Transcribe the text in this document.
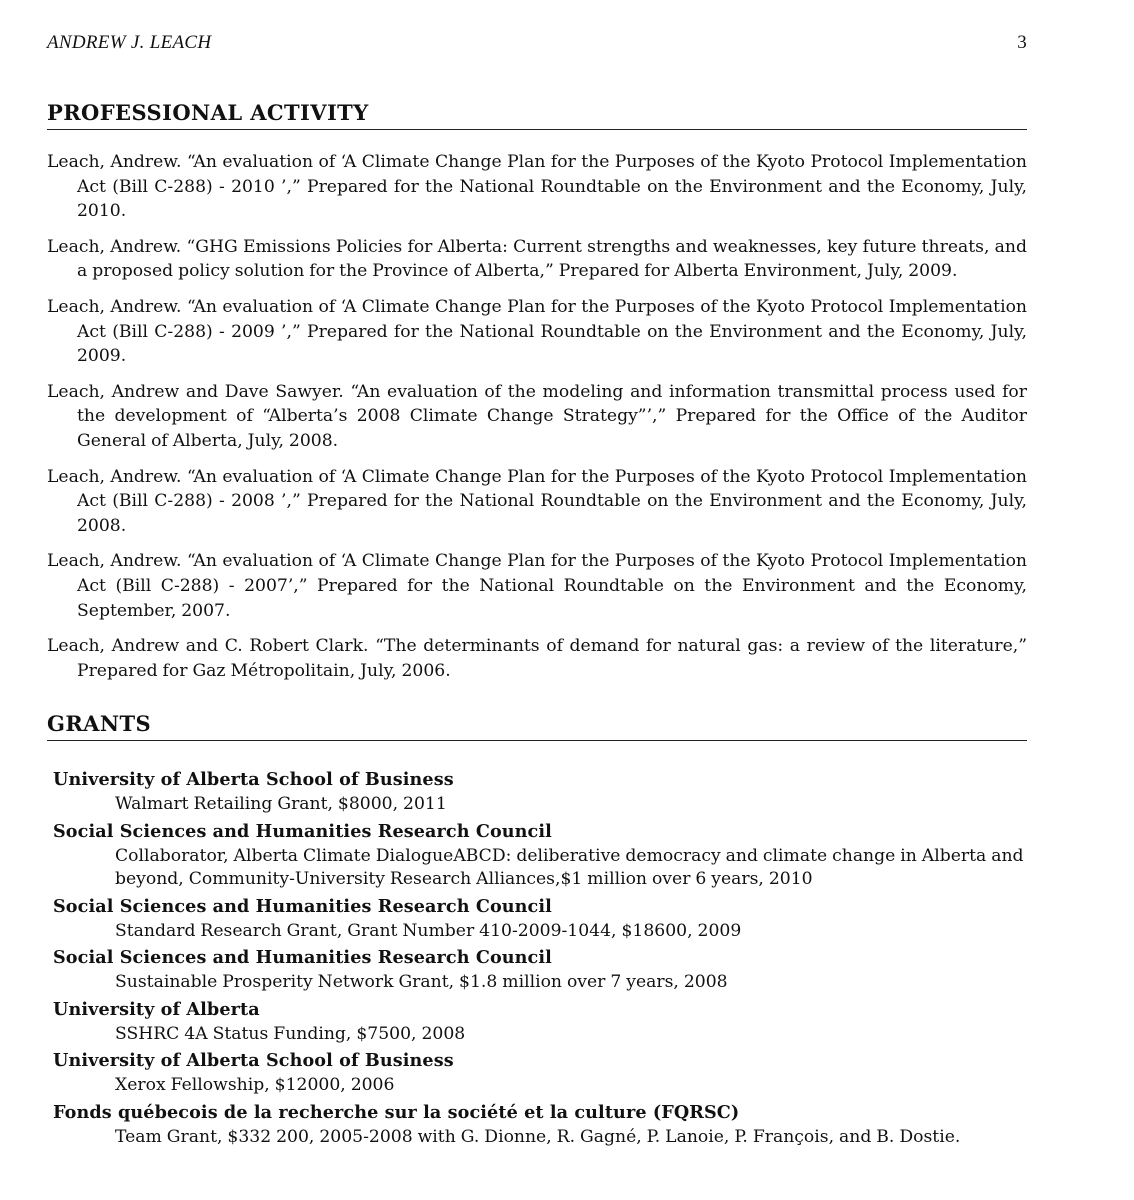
ANDREW J. LEACH	3
PROFESSIONAL ACTIVITY
Leach, Andrew. “An evaluation of ‘A Climate Change Plan for the Purposes of the Kyoto Protocol Implementation Act (Bill C-288) - 2010 ’,” Prepared for the National Roundtable on the Environment and the Economy, July, 2010.
Leach, Andrew. “GHG Emissions Policies for Alberta: Current strengths and weaknesses, key future threats, and a proposed policy solution for the Province of Alberta,” Prepared for Alberta Environment, July, 2009.
Leach, Andrew. “An evaluation of ‘A Climate Change Plan for the Purposes of the Kyoto Protocol Implementation Act (Bill C-288) - 2009 ’,” Prepared for the National Roundtable on the Environment and the Economy, July, 2009.
Leach, Andrew and Dave Sawyer. “An evaluation of the modeling and information transmittal process used for the development of “Alberta’s 2008 Climate Change Strategy”’,” Prepared for the Office of the Auditor General of Alberta, July, 2008.
Leach, Andrew. “An evaluation of ‘A Climate Change Plan for the Purposes of the Kyoto Protocol Implementation Act (Bill C-288) - 2008 ’,” Prepared for the National Roundtable on the Environment and the Economy, July, 2008.
Leach, Andrew. “An evaluation of ‘A Climate Change Plan for the Purposes of the Kyoto Protocol Implementation Act (Bill C-288) - 2007’,” Prepared for the National Roundtable on the Environment and the Economy, September, 2007.
Leach, Andrew and C. Robert Clark. “The determinants of demand for natural gas: a review of the literature,” Prepared for Gaz Métropolitain, July, 2006.
GRANTS
University of Alberta School of Business
Walmart Retailing Grant, $8000, 2011
Social Sciences and Humanities Research Council
Collaborator, Alberta Climate DialogueABCD: deliberative democracy and climate change in Alberta and beyond, Community-University Research Alliances,$1 million over 6 years, 2010
Social Sciences and Humanities Research Council
Standard Research Grant, Grant Number 410-2009-1044, $18600, 2009
Social Sciences and Humanities Research Council
Sustainable Prosperity Network Grant, $1.8 million over 7 years, 2008
University of Alberta
SSHRC 4A Status Funding, $7500, 2008
University of Alberta School of Business
Xerox Fellowship, $12000, 2006
Fonds québecois de la recherche sur la société et la culture (FQRSC)
Team Grant, $332 200, 2005-2008 with G. Dionne, R. Gagné, P. Lanoie, P. François, and B. Dostie.
